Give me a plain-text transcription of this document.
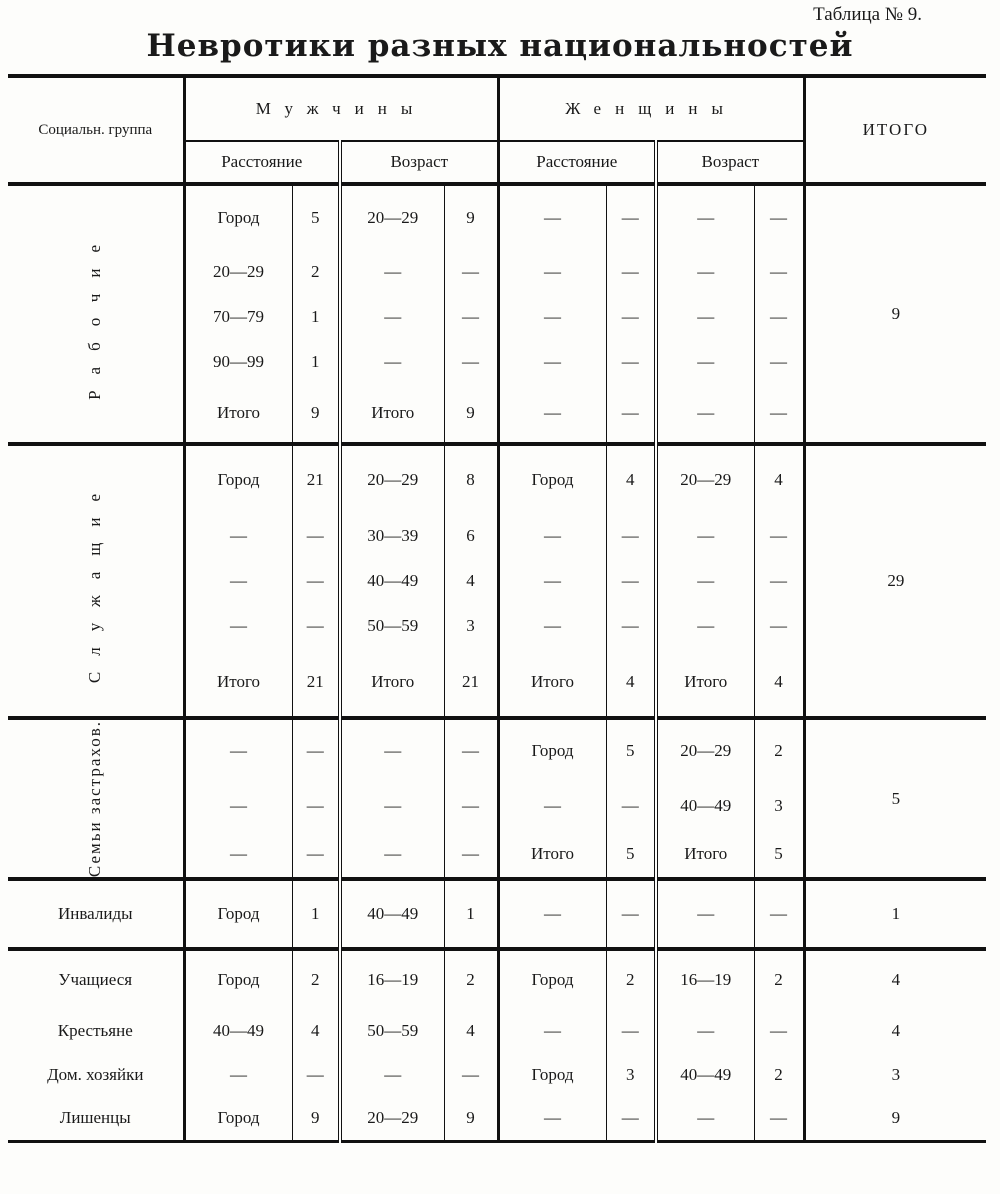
Таблица № 9.
Невротики разных национальностей
Социальн. группа	Мужчины				Женщины				ИТОГО
	Расстояние		Возраст		Расстояние		Возраст		

Рабочие	Город	5	20—29	9	—	—	—	—	9
	20—29	2	—	—	—	—	—	—	
	70—79	1	—	—	—	—	—	—	
	90—99	1	—	—	—	—	—	—	
	Итого	9	Итого	9	—	—	—	—	

Служащие	Город	21	20—29	8	Город	4	20—29	4	29
	—	—	30—39	6	—	—	—	—	
	—	—	40—49	4	—	—	—	—	
	—	—	50—59	3	—	—	—	—	
	Итого	21	Итого	21	Итого	4	Итого	4	

Семьи застрахов.	—	—	—	—	Город	5	20—29	2	5
	—	—	—	—	—	—	40—49	3	
	—	—	—	—	Итого	5	Итого	5	

Инвалиды	Город	1	40—49	1	—	—	—	—	1
Учащиеся	Город	2	16—19	2	Город	2	16—19	2	4
Крестьяне	40—49	4	50—59	4	—	—	—	—	4
Дом. хозяйки	—	—	—	—	Город	3	40—49	2	3
Лишенцы	Город	9	20—29	9	—	—	—	—	9
